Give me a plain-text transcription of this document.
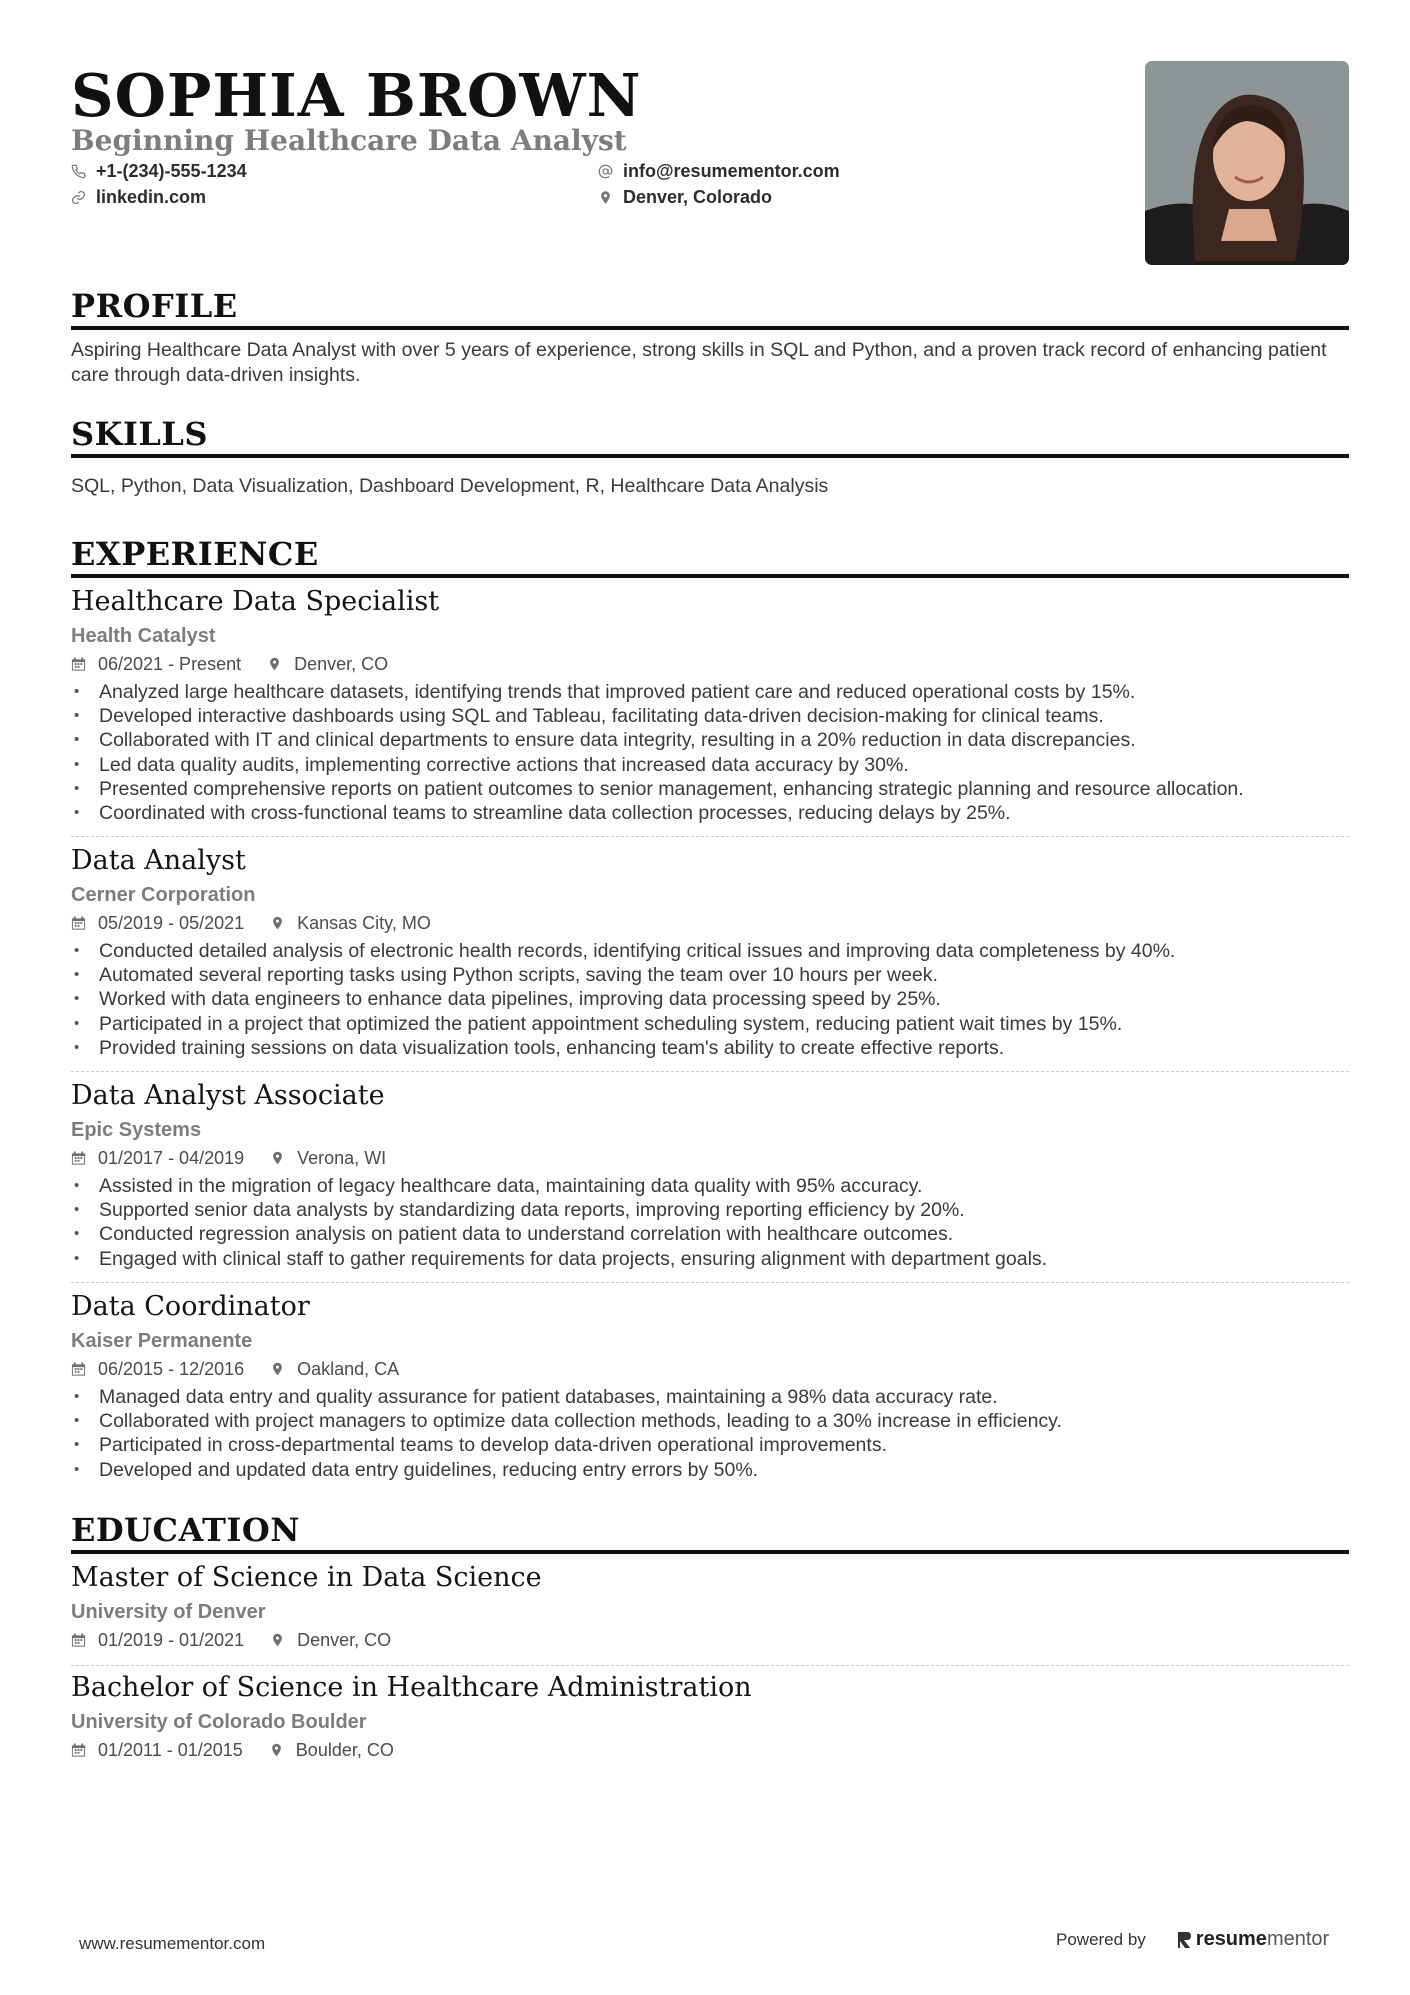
SOPHIA BROWN
Beginning Healthcare Data Analyst
+1-(234)-555-1234
linkedin.com
info@resumementor.com
Denver, Colorado
PROFILE
Aspiring Healthcare Data Analyst with over 5 years of experience, strong skills in SQL and Python, and a proven track record of enhancing patient care through data-driven insights.
SKILLS
SQL, Python, Data Visualization, Dashboard Development, R, Healthcare Data Analysis
EXPERIENCE
Healthcare Data Specialist
Health Catalyst
06/2021 - Present	Denver, CO
• Analyzed large healthcare datasets, identifying trends that improved patient care and reduced operational costs by 15%.
• Developed interactive dashboards using SQL and Tableau, facilitating data-driven decision-making for clinical teams.
• Collaborated with IT and clinical departments to ensure data integrity, resulting in a 20% reduction in data discrepancies.
• Led data quality audits, implementing corrective actions that increased data accuracy by 30%.
• Presented comprehensive reports on patient outcomes to senior management, enhancing strategic planning and resource allocation.
• Coordinated with cross-functional teams to streamline data collection processes, reducing delays by 25%.
Data Analyst
Cerner Corporation
05/2019 - 05/2021	Kansas City, MO
• Conducted detailed analysis of electronic health records, identifying critical issues and improving data completeness by 40%.
• Automated several reporting tasks using Python scripts, saving the team over 10 hours per week.
• Worked with data engineers to enhance data pipelines, improving data processing speed by 25%.
• Participated in a project that optimized the patient appointment scheduling system, reducing patient wait times by 15%.
• Provided training sessions on data visualization tools, enhancing team's ability to create effective reports.
Data Analyst Associate
Epic Systems
01/2017 - 04/2019	Verona, WI
• Assisted in the migration of legacy healthcare data, maintaining data quality with 95% accuracy.
• Supported senior data analysts by standardizing data reports, improving reporting efficiency by 20%.
• Conducted regression analysis on patient data to understand correlation with healthcare outcomes.
• Engaged with clinical staff to gather requirements for data projects, ensuring alignment with department goals.
Data Coordinator
Kaiser Permanente
06/2015 - 12/2016	Oakland, CA
• Managed data entry and quality assurance for patient databases, maintaining a 98% data accuracy rate.
• Collaborated with project managers to optimize data collection methods, leading to a 30% increase in efficiency.
• Participated in cross-departmental teams to develop data-driven operational improvements.
• Developed and updated data entry guidelines, reducing entry errors by 50%.
EDUCATION
Master of Science in Data Science
University of Denver
01/2019 - 01/2021	Denver, CO
Bachelor of Science in Healthcare Administration
University of Colorado Boulder
01/2011 - 01/2015	Boulder, CO
www.resumementor.com	Powered by	resume mentor
